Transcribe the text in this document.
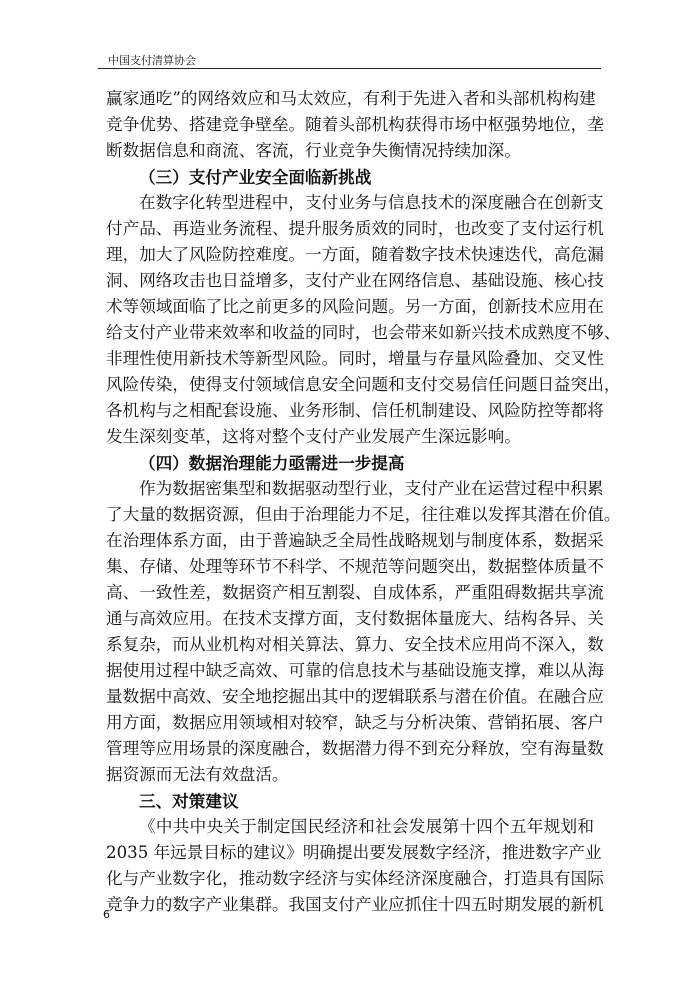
中国支付清算协会
赢 家 通 吃 ” 的 网 络 效 应 和 马 太 效 应 ， 有 利 于 先 进 入 者 和 头 部 机 构 构 建
竞 争 优 势 、 搭 建 竞 争 壁 垒 。 随 着 头 部 机 构 获 得 市 场 中 枢 强 势 地 位 ， 垄
断数据信息和商流、客流，行业竞争失衡情况持续加深。
（三）支付产业安全面临新挑战
在 数 字 化 转 型 进 程 中 ， 支 付 业 务 与 信 息 技 术 的 深 度 融 合 在 创 新 支
付 产 品 、 再 造 业 务 流 程 、 提 升 服 务 质 效 的 同 时 ， 也 改 变 了 支 付 运 行 机
理 ， 加 大 了 风 险 防 控 难 度 。 一 方 面 ， 随 着 数 字 技 术 快 速 迭 代 ， 高 危 漏
洞 、 网 络 攻 击 也 日 益 增 多 ， 支 付 产 业 在 网 络 信 息 、 基 础 设 施 、 核 心 技
术 等 领 域 面 临 了 比 之 前 更 多 的 风 险 问 题 。 另 一 方 面 ， 创 新 技 术 应 用 在
给 支 付 产 业 带 来 效 率 和 收 益 的 同 时 ， 也 会 带 来 如 新 兴 技 术 成 熟 度 不 够 、
非 理 性 使 用 新 技 术 等 新 型 风 险 。 同 时 ， 增 量 与 存 量 风 险 叠 加 、 交 叉 性
风 险 传 染 ， 使 得 支 付 领 域 信 息 安 全 问 题 和 支 付 交 易 信 任 问 题 日 益 突 出 ，
各 机 构 与 之 相 配 套 设 施 、 业 务 形 制 、 信 任 机 制 建 设 、 风 险 防 控 等 都 将
发生深刻变革，这将对整个支付产业发展产生深远影响。
（四）数据治理能力亟需进一步提高
作 为 数 据 密 集 型 和 数 据 驱 动 型 行 业 ， 支 付 产 业 在 运 营 过 程 中 积 累
了 大 量 的 数 据 资 源 ， 但 由 于 治 理 能 力 不 足 ， 往 往 难 以 发 挥 其 潜 在 价 值 。
在 治 理 体 系 方 面 ， 由 于 普 遍 缺 乏 全 局 性 战 略 规 划 与 制 度 体 系 ， 数 据 采
集 、 存 储 、 处 理 等 环 节 不 科 学 、 不 规 范 等 问 题 突 出 ， 数 据 整 体 质 量 不
高 、 一 致 性 差 ， 数 据 资 产 相 互 割 裂 、 自 成 体 系 ， 严 重 阻 碍 数 据 共 享 流
通 与 高 效 应 用 。 在 技 术 支 撑 方 面 ， 支 付 数 据 体 量 庞 大 、 结 构 各 异 、 关
系 复 杂 ， 而 从 业 机 构 对 相 关 算 法 、 算 力 、 安 全 技 术 应 用 尚 不 深 入 ， 数
据 使 用 过 程 中 缺 乏 高 效 、 可 靠 的 信 息 技 术 与 基 础 设 施 支 撑 ， 难 以 从 海
量 数 据 中 高 效 、 安 全 地 挖 掘 出 其 中 的 逻 辑 联 系 与 潜 在 价 值 。 在 融 合 应
用 方 面 ， 数 据 应 用 领 域 相 对 较 窄 ， 缺 乏 与 分 析 决 策 、 营 销 拓 展 、 客 户
管 理 等 应 用 场 景 的 深 度 融 合 ， 数 据 潜 力 得 不 到 充 分 释 放 ， 空 有 海 量 数
据资源而无法有效盘活。
三、对策建议
《 中 共 中 央 关 于 制 定 国 民 经 济 和 社 会 发 展 第 十 四 个 五 年 规 划 和
2 0 3 5
年 远 景 目 标 的 建 议 》 明 确 提 出 要 发 展 数 字 经 济 ， 推 进 数 字 产 业
化 与 产 业 数 字 化 ， 推 动 数 字 经 济 与 实 体 经 济 深 度 融 合 ， 打 造 具 有 国 际
竞 争 力 的 数 字 产 业 集 群 。 我 国 支 付 产 业 应 抓 住 十 四 五 时 期 发 展 的 新 机
6
